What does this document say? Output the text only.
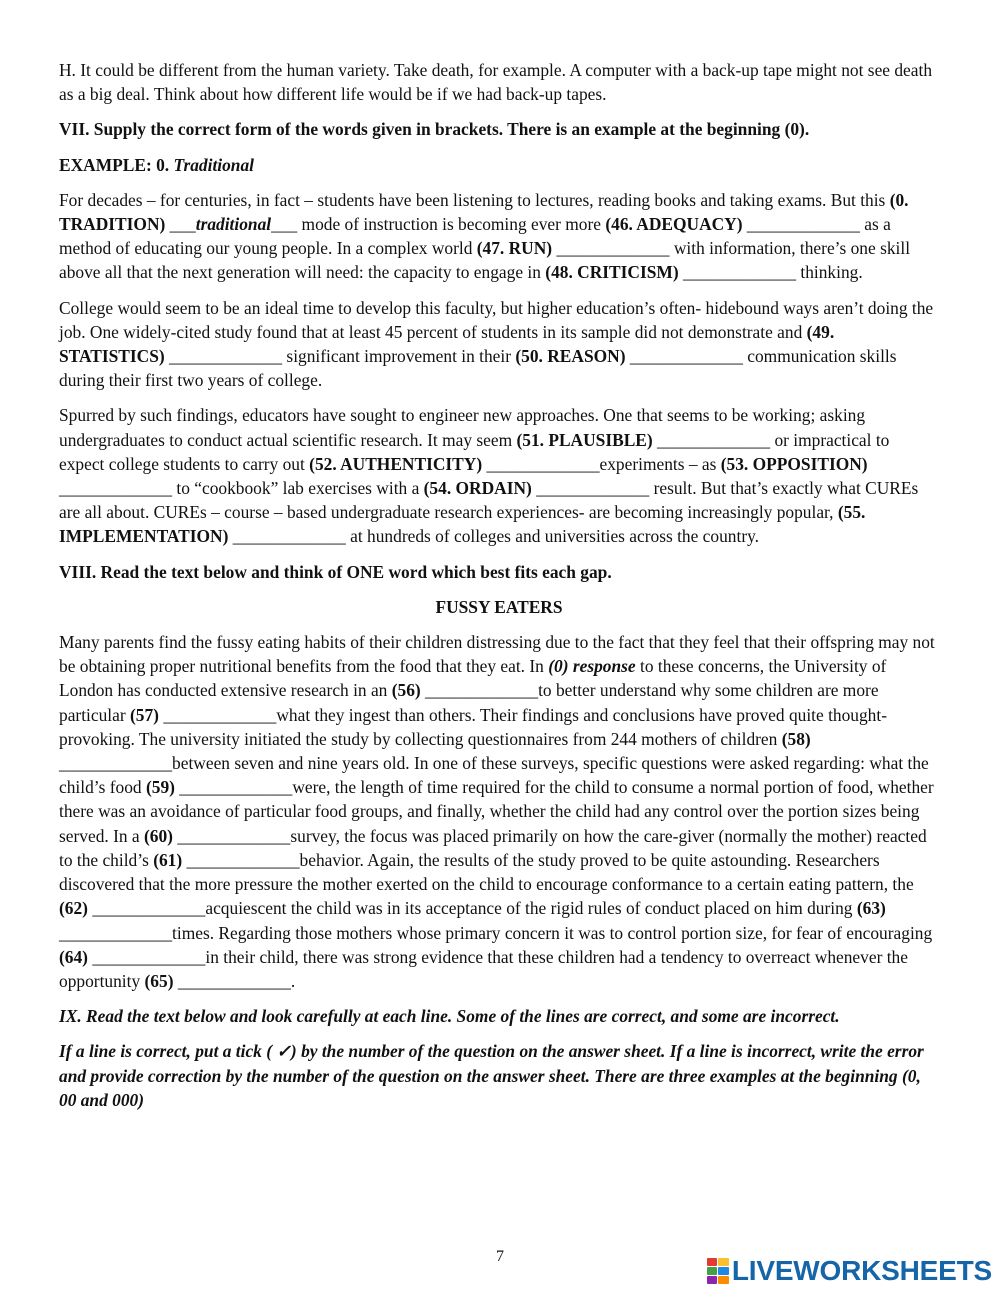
H. It could be different from the human variety. Take death, for example. A computer with a back-up tape might not see death as a big deal. Think about how different life would be if we had back-up tapes.

VII. Supply the correct form of the words given in brackets. There is an example at the beginning (0).

EXAMPLE: 0. Traditional

For decades – for centuries, in fact – students have been listening to lectures, reading books and taking exams. But this (0. TRADITION) ___traditional___ mode of instruction is becoming ever more (46. ADEQUACY) _____________ as a method of educating our young people. In a complex world (47. RUN) _____________ with information, there’s one skill above all that the next generation will need: the capacity to engage in (48. CRITICISM) _____________ thinking.

College would seem to be an ideal time to develop this faculty, but higher education’s often- hidebound ways aren’t doing the job. One widely-cited study found that at least 45 percent of students in its sample did not demonstrate and (49. STATISTICS) _____________ significant improvement in their (50. REASON) _____________ communication skills during their first two years of college.

Spurred by such findings, educators have sought to engineer new approaches. One that seems to be working; asking undergraduates to conduct actual scientific research. It may seem (51. PLAUSIBLE) _____________ or impractical to expect college students to carry out (52. AUTHENTICITY) _____________experiments – as (53. OPPOSITION) _____________ to “cookbook” lab exercises with a (54. ORDAIN) _____________ result. But that’s exactly what CUREs are all about. CUREs – course – based undergraduate research experiences- are becoming increasingly popular, (55. IMPLEMENTATION) _____________ at hundreds of colleges and universities across the country.

VIII. Read the text below and think of ONE word which best fits each gap.

FUSSY EATERS

Many parents find the fussy eating habits of their children distressing due to the fact that they feel that their offspring may not be obtaining proper nutritional benefits from the food that they eat. In (0) response to these concerns, the University of London has conducted extensive research in an (56) _____________to better understand why some children are more particular (57) _____________what they ingest than others. Their findings and conclusions have proved quite thought-provoking. The university initiated the study by collecting questionnaires from 244 mothers of children (58) _____________between seven and nine years old. In one of these surveys, specific questions were asked regarding: what the child’s food (59) _____________were, the length of time required for the child to consume a normal portion of food, whether there was an avoidance of particular food groups, and finally, whether the child had any control over the portion sizes being served. In a (60) _____________survey, the focus was placed primarily on how the care-giver (normally the mother) reacted to the child’s (61) _____________behavior. Again, the results of the study proved to be quite astounding. Researchers discovered that the more pressure the mother exerted on the child to encourage conformance to a certain eating pattern, the (62) _____________acquiescent the child was in its acceptance of the rigid rules of conduct placed on him during (63) _____________times. Regarding those mothers whose primary concern it was to control portion size, for fear of encouraging (64) _____________in their child, there was strong evidence that these children had a tendency to overreact whenever the opportunity (65) _____________.

IX. Read the text below and look carefully at each line. Some of the lines are correct, and some are incorrect.

If a line is correct, put a tick ( ✓) by the number of the question on the answer sheet. If a line is incorrect, write the error and provide correction by the number of the question on the answer sheet. There are three examples at the beginning (0, 00 and 000)

7	LIVEWORKSHEETS
